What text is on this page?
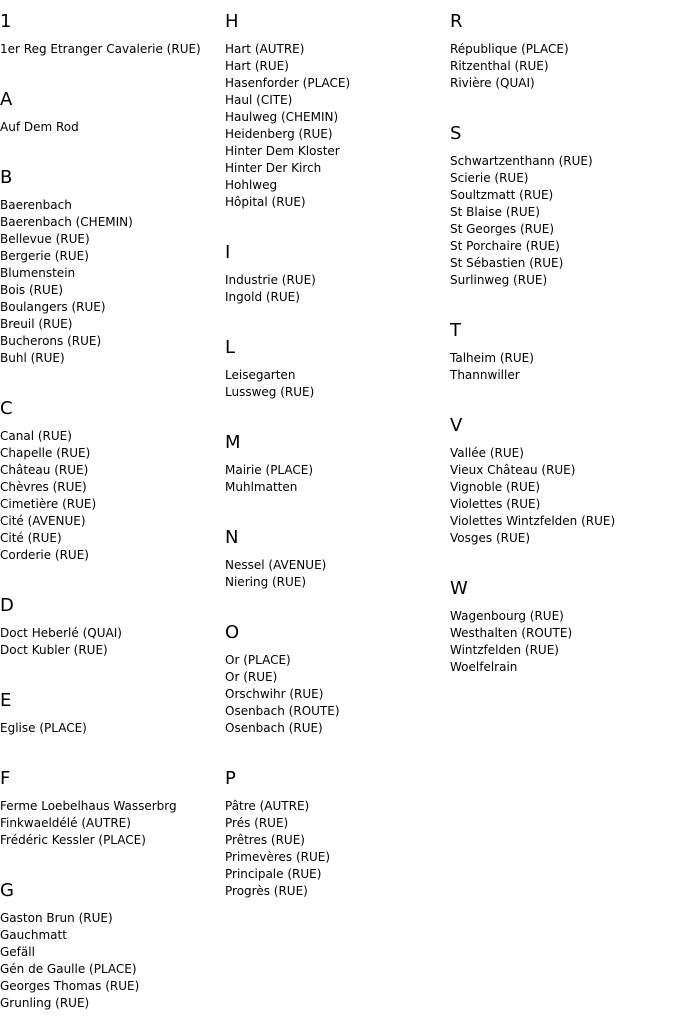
1
1er Reg Etranger Cavalerie (RUE)
A
Auf Dem Rod
B
Baerenbach
Baerenbach (CHEMIN)
Bellevue (RUE)
Bergerie (RUE)
Blumenstein
Bois (RUE)
Boulangers (RUE)
Breuil (RUE)
Bucherons (RUE)
Buhl (RUE)
C
Canal (RUE)
Chapelle (RUE)
Château (RUE)
Chèvres (RUE)
Cimetière (RUE)
Cité (AVENUE)
Cité (RUE)
Corderie (RUE)
D
Doct Heberlé (QUAI)
Doct Kubler (RUE)
E
Eglise (PLACE)
F
Ferme Loebelhaus Wasserbrg
Finkwaeldélé (AUTRE)
Frédéric Kessler (PLACE)
G
Gaston Brun (RUE)
Gauchmatt
Gefäll
Gén de Gaulle (PLACE)
Georges Thomas (RUE)
Grunling (RUE)
H
Hart (AUTRE)
Hart (RUE)
Hasenforder (PLACE)
Haul (CITE)
Haulweg (CHEMIN)
Heidenberg (RUE)
Hinter Dem Kloster
Hinter Der Kirch
Hohlweg
Hôpital (RUE)
I
Industrie (RUE)
Ingold (RUE)
L
Leisegarten
Lussweg (RUE)
M
Mairie (PLACE)
Muhlmatten
N
Nessel (AVENUE)
Niering (RUE)
O
Or (PLACE)
Or (RUE)
Orschwihr (RUE)
Osenbach (ROUTE)
Osenbach (RUE)
P
Pâtre (AUTRE)
Prés (RUE)
Prêtres (RUE)
Primevères (RUE)
Principale (RUE)
Progrès (RUE)
R
République (PLACE)
Ritzenthal (RUE)
Rivière (QUAI)
S
Schwartzenthann (RUE)
Scierie (RUE)
Soultzmatt (RUE)
St Blaise (RUE)
St Georges (RUE)
St Porchaire (RUE)
St Sébastien (RUE)
Surlinweg (RUE)
T
Talheim (RUE)
Thannwiller
V
Vallée (RUE)
Vieux Château (RUE)
Vignoble (RUE)
Violettes (RUE)
Violettes Wintzfelden (RUE)
Vosges (RUE)
W
Wagenbourg (RUE)
Westhalten (ROUTE)
Wintzfelden (RUE)
Woelfelrain
